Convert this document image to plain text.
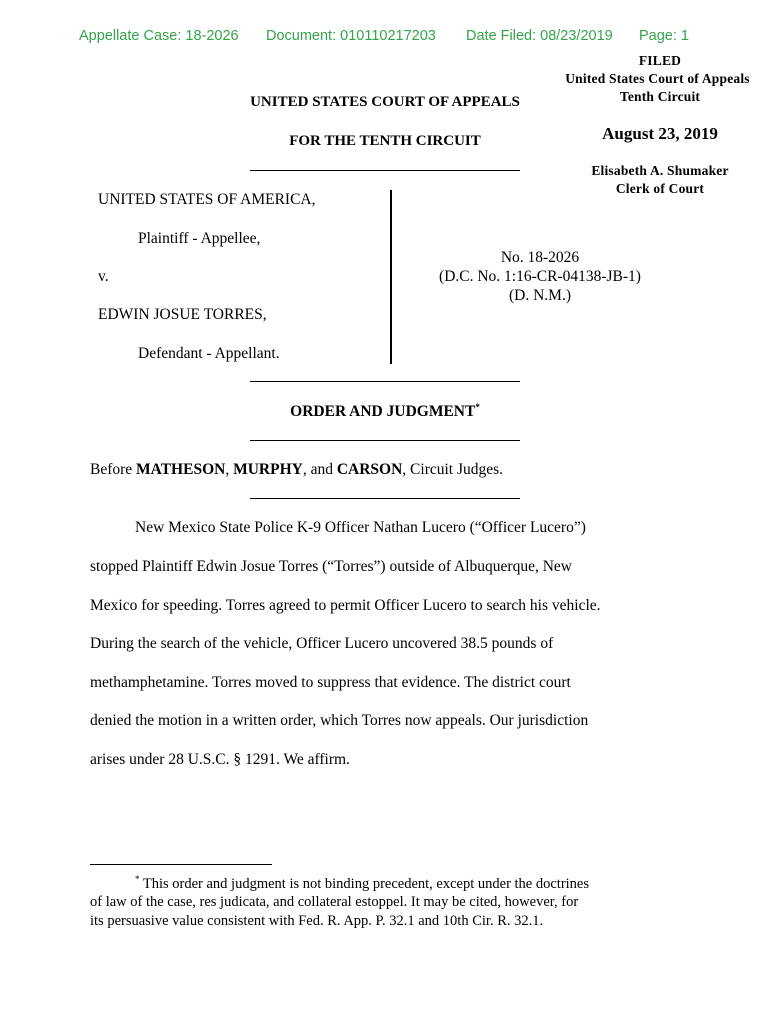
Appellate Case: 18-2026 Document: 010110217203 Date Filed: 08/23/2019 Page: 1
FILED
United States Court of Appeals
Tenth Circuit
August 23, 2019
Elisabeth A. Shumaker
Clerk of Court
UNITED STATES COURT OF APPEALS
FOR THE TENTH CIRCUIT
UNITED STATES OF AMERICA,
Plaintiff - Appellee,
v.
EDWIN JOSUE TORRES,
Defendant - Appellant.
No. 18-2026
(D.C. No. 1:16-CR-04138-JB-1)
(D. N.M.)
ORDER AND JUDGMENT*
Before MATHESON, MURPHY, and CARSON, Circuit Judges.
New Mexico State Police K-9 Officer Nathan Lucero (“Officer Lucero”)
stopped Plaintiff Edwin Josue Torres (“Torres”) outside of Albuquerque, New
Mexico for speeding. Torres agreed to permit Officer Lucero to search his vehicle.
During the search of the vehicle, Officer Lucero uncovered 38.5 pounds of
methamphetamine. Torres moved to suppress that evidence. The district court
denied the motion in a written order, which Torres now appeals. Our jurisdiction
arises under 28 U.S.C. § 1291. We affirm.
* This order and judgment is not binding precedent, except under the doctrines
of law of the case, res judicata, and collateral estoppel. It may be cited, however, for
its persuasive value consistent with Fed. R. App. P. 32.1 and 10th Cir. R. 32.1.
